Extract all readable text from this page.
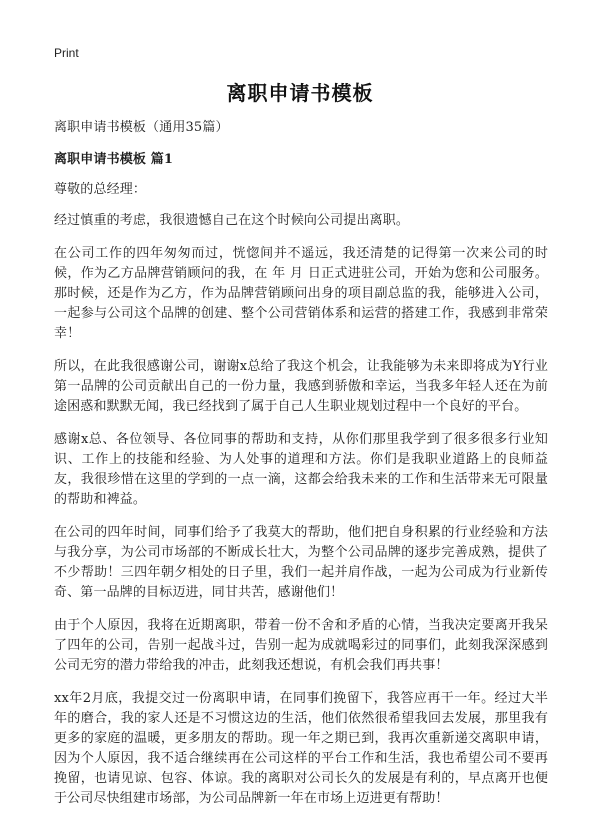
Print
离职申请书模板

离职申请书模板（通用35篇）

离职申请书模板 篇1

尊敬的总经理：

经过慎重的考虑，我很遗憾自己在这个时候向公司提出离职。

在公司工作的四年匆匆而过，恍惚间并不遥远，我还清楚的记得第一次来公司的时候，作为乙方品牌营销顾问的我，在 年 月 日正式进驻公司，开始为您和公司服务。那时候，还是作为乙方，作为品牌营销顾问出身的项目副总监的我，能够进入公司，一起参与公司这个品牌的创建、整个公司营销体系和运营的搭建工作，我感到非常荣幸！

所以，在此我很感谢公司，谢谢x总给了我这个机会，让我能够为未来即将成为Y行业第一品牌的公司贡献出自己的一份力量，我感到骄傲和幸运，当我多年轻人还在为前途困惑和默默无闻，我已经找到了属于自己人生职业规划过程中一个良好的平台。

感谢x总、各位领导、各位同事的帮助和支持，从你们那里我学到了很多很多行业知识、工作上的技能和经验、为人处事的道理和方法。你们是我职业道路上的良师益友，我很珍惜在这里的学到的一点一滴，这都会给我未来的工作和生活带来无可限量的帮助和裨益。

在公司的四年时间，同事们给予了我莫大的帮助，他们把自身积累的行业经验和方法与我分享，为公司市场部的不断成长壮大，为整个公司品牌的逐步完善成熟，提供了不少帮助！三四年朝夕相处的日子里，我们一起并肩作战，一起为公司成为行业新传奇、第一品牌的目标迈进，同甘共苦，感谢他们！

由于个人原因，我将在近期离职，带着一份不舍和矛盾的心情，当我决定要离开我呆了四年的公司，告别一起战斗过，告别一起为成就喝彩过的同事们，此刻我深深感到公司无穷的潜力带给我的冲击，此刻我还想说，有机会我们再共事！

xx年2月底，我提交过一份离职申请，在同事们挽留下，我答应再干一年。经过大半年的磨合，我的家人还是不习惯这边的生活，他们依然很希望我回去发展，那里我有更多的家庭的温暖，更多朋友的帮助。现一年之期已到，我再次重新递交离职申请，因为个人原因，我不适合继续再在公司这样的平台工作和生活，我也希望公司不要再挽留，也请见谅、包容、体谅。我的离职对公司长久的发展是有利的，早点离开也便于公司尽快组建市场部，为公司品牌新一年在市场上迈进更有帮助！
